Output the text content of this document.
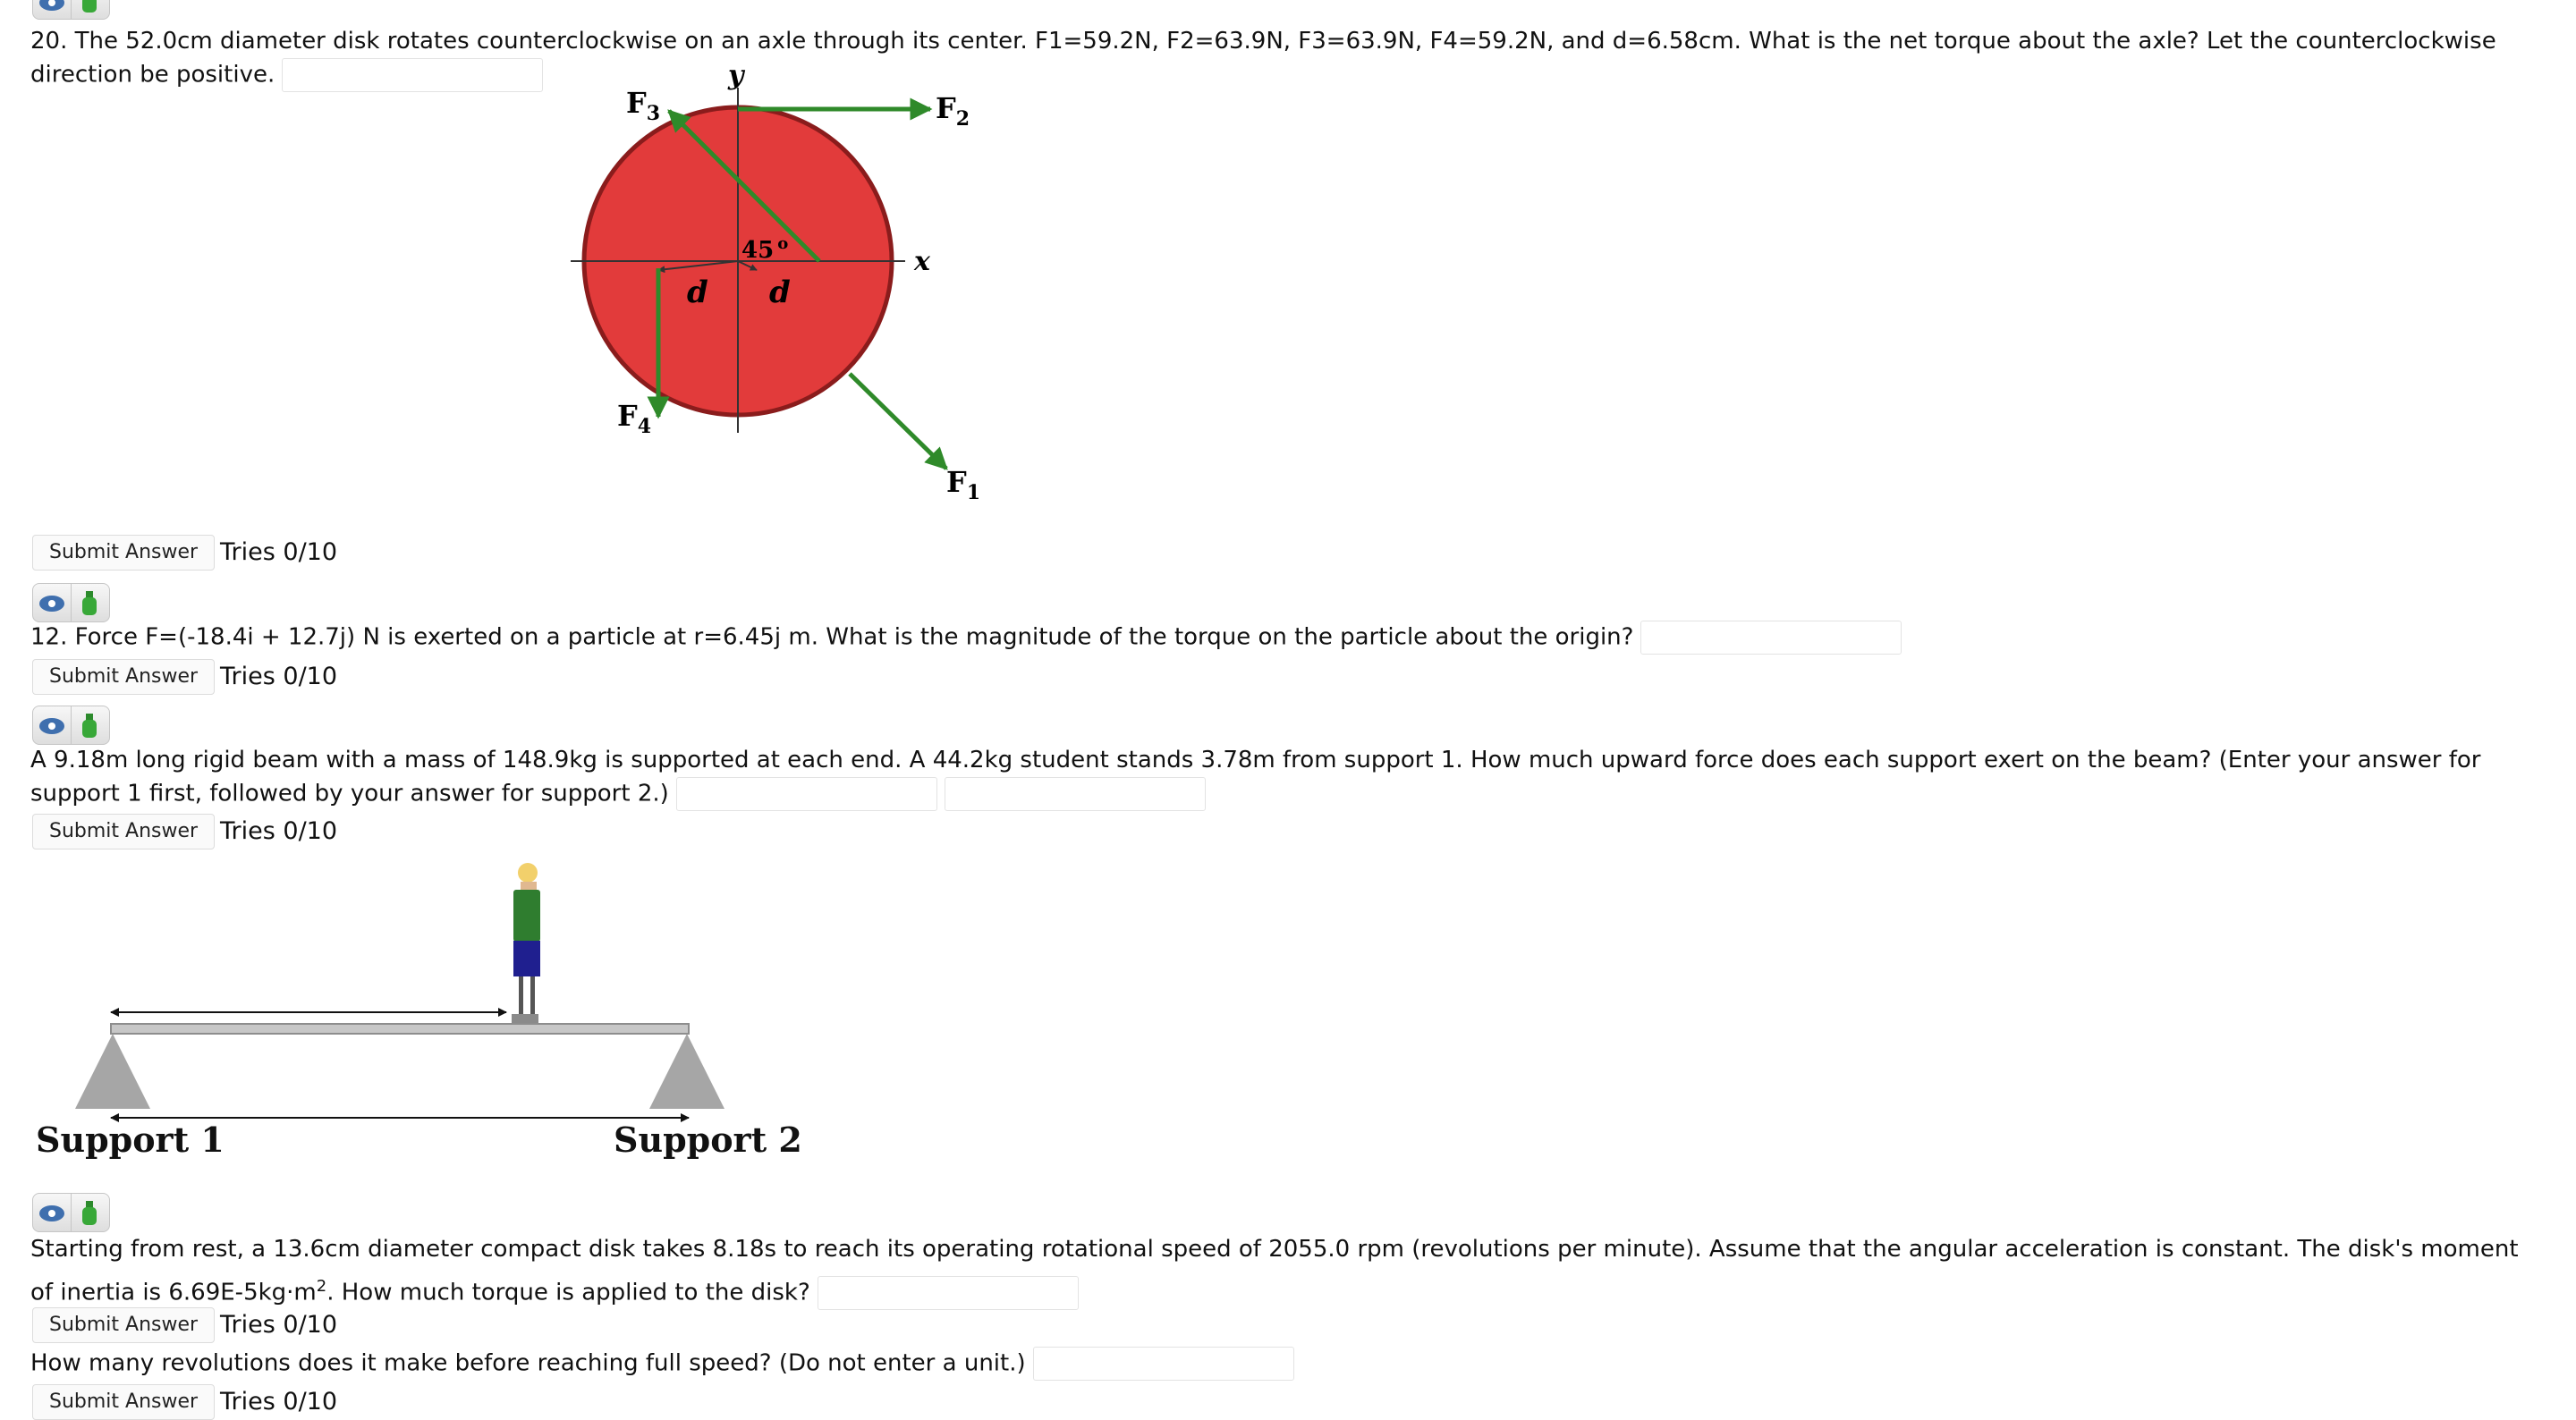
20. The 52.0cm diameter disk rotates counterclockwise on an axle through its center. F1=59.2N, F2=63.9N, F3=63.9N, F4=59.2N, and d=6.58cm. What is the net torque about the axle? Let the counterclockwise direction be positive.	y
x
45 $^o$
d d
$F_3$	$F_2$
$F_1$
$F_4$
Submit Answer Tries 0/10
12. Force F=(-18.4i + 12.7j) N is exerted on a particle at r=6.45j m. What is the magnitude of the torque on the particle about the origin?
Submit Answer Tries 0/10
A 9.18m long rigid beam with a mass of 148.9kg is supported at each end. A 44.2kg student stands 3.78m from support 1. How much upward force does each support exert on the beam? (Enter your answer for support 1 first, followed by your answer for support 2.)
Submit Answer Tries 0/10
Support 1	Support 2
Starting from rest, a 13.6cm diameter compact disk takes 8.18s to reach its operating rotational speed of 2055.0 rpm (revolutions per minute). Assume that the angular acceleration is constant. The disk's moment of inertia is $6.69E-5kg\cdot m^2$. How much torque is applied to the disk?
Submit Answer Tries 0/10
How many revolutions does it make before reaching full speed? (Do not enter a unit.)
Submit Answer Tries 0/10
